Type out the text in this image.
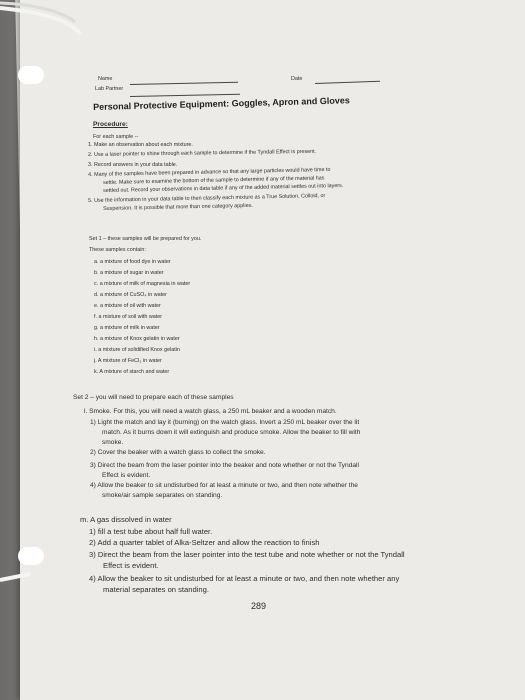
Name
Lab Partner
Date
Personal Protective Equipment: Goggles, Apron and Gloves
Procedure:
For each sample --
1. Make an observation about each mixture.
2. Use a laser pointer to shine through each sample to determine if the Tyndall Effect is present.
3. Record answers in your data table.
4. Many of the samples have been prepared in advance so that any large particles would have time to
settle. Make sure to examine the bottom of the sample to determine if any of the material has
settled out. Record your observations in data table if any of the added material settles out into layers.
5. Use the information in your data table to then classify each mixture as a True Solution, Colloid, or
Suspension. It is possible that more than one category applies.
Set 1 – these samples will be prepared for you.
These samples contain:
a. a mixture of food dye in water
b. a mixture of sugar in water
c. a mixture of milk of magnesia in water
d. a mixture of CuSO₄ in water
e. a mixture of oil with water
f. a mixture of soil with water
g. a mixture of milk in water
h. a mixture of Knox gelatin in water
i. a mixture of solidified Knox gelatin
j. A mixture of FeCl₃ in water
k. A mixture of starch and water
Set 2 – you will need to prepare each of these samples
l. Smoke. For this, you will need a watch glass, a 250 mL beaker and a wooden match.
1) Light the match and lay it (burning) on the watch glass. Invert a 250 mL beaker over the lit
match. As it burns down it will extinguish and produce smoke. Allow the beaker to fill with
smoke.
2) Cover the beaker with a watch glass to collect the smoke.
3) Direct the beam from the laser pointer into the beaker and note whether or not the Tyndall
Effect is evident.
4) Allow the beaker to sit undisturbed for at least a minute or two, and then note whether the
smoke/air sample separates on standing.
m. A gas dissolved in water
1) fill a test tube about half full water.
2) Add a quarter tablet of Alka-Seltzer and allow the reaction to finish
3) Direct the beam from the laser pointer into the test tube and note whether or not the Tyndall
Effect is evident.
4) Allow the beaker to sit undisturbed for at least a minute or two, and then note whether any
material separates on standing.
289
